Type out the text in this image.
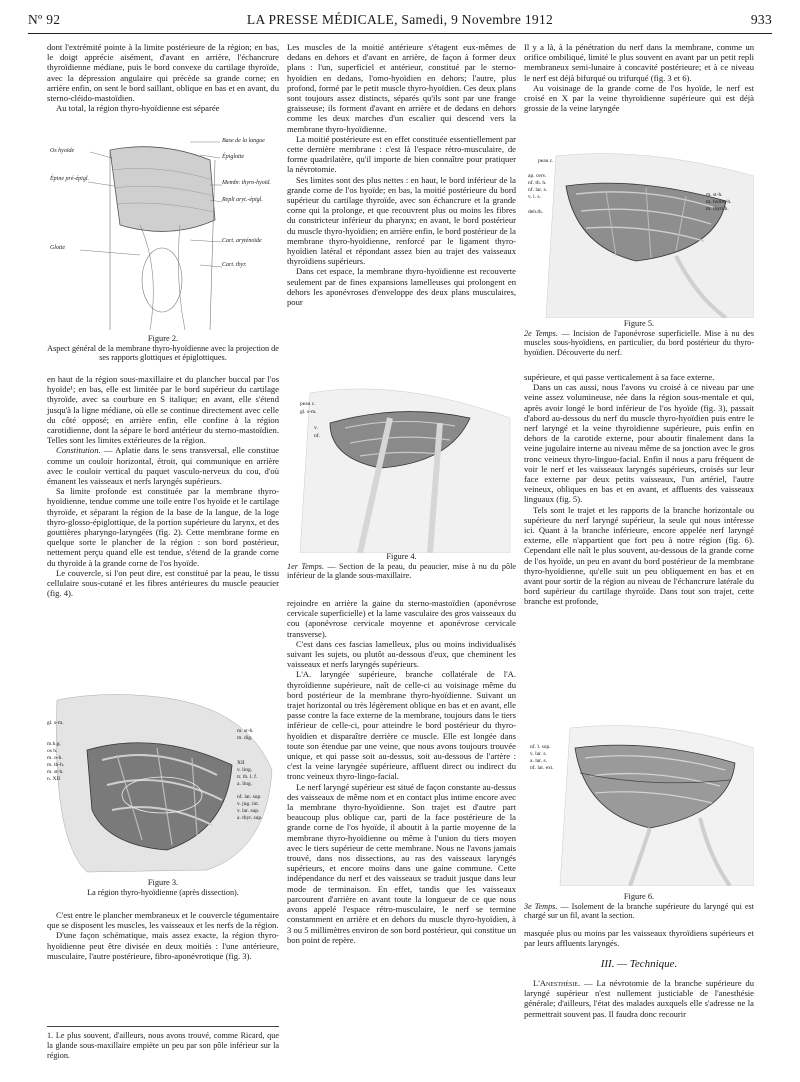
Nº 92	LA PRESSE MÉDICALE, Samedi, 9 Novembre 1912	933

dont l'extrémité pointe à la limite postérieure de la région; en bas, le doigt apprécie aisément, d'avant en arrière, l'échancrure thyroïdienne médiane, puis le bord convexe du cartilage thyroïde, avec la dépression angulaire qui précède sa grande corne; en arrière enfin, on sent le bord saillant, oblique en bas et en avant, du sterno-cléido-mastoïdien.

Au total, la région thyro-hyoïdienne est séparée

Os hyoïde
Épine pré-épigl.
Glotte
Base de la langue
Épiglotte
Membr. thyro-hyoïd.
Repli aryt.-épigl.
Cart. aryténoïde
Cart. thyr.
Figure 2.
Aspect général de la membrane thyro-hyoïdienne avec la projection de ses rapports glottiques et épiglottiques.

en haut de la région sous-maxillaire et du plancher buccal par l'os hyoïde¹; en bas, elle est limitée par le bord supérieur du cartilage thyroïde, avec sa courbure en S italique; en avant, elle s'étend jusqu'à la ligne médiane, où elle se continue directement avec celle du côté opposé; en arrière enfin, elle confine à la région carotidienne, dont la sépare le bord antérieur du sterno-mastoïdien. Telles sont les limites extérieures de la région.

Constitution. — Aplatie dans le sens transversal, elle constitue comme un couloir horizontal, étroit, qui communique en arrière avec le couloir vertical du paquet vasculo-nerveux du cou, d'où émanent les vaisseaux et nerfs laryngés supérieurs.

Sa limite profonde est constituée par la membrane thyro-hyoïdienne, tendue comme une toile entre l'os hyoïde et le cartilage thyroïde, et séparant la région de la base de la langue, de la loge thyro-glosso-épiglottique, de la portion supérieure du larynx, et des gouttières pharyngo-laryngées (fig. 2). Cette membrane forme en quelque sorte le plancher de la région : son bord postérieur, nettement perçu quand elle est tendue, s'étend de la grande corne du thyroïde à la grande corne de l'os hyoïde.

Le couvercle, si l'on peut dire, est constitué par la peau, le tissu cellulaire sous-cutané et les fibres antérieures du muscle peaucier (fig. 4).

gl. s-m.
m.h.g.
os h.
m. o-h.
m. th-h.
m. st-h.
n. XII
m. st-h.
m. dig.
XII
v. ling.
tr. th. l. f.
a. ling.
nf. lar. sup.
v. jug. int.
v. lar. sup.
a. thyr. sup.
Figure 3.
La région thyro-hyoïdienne (après dissection).

C'est entre le plancher membraneux et le couvercle tégumentaire que se disposent les muscles, les vaisseaux et les nerfs de la région.

D'une façon schématique, mais assez exacte, la région thyro-hyoïdienne peut être divisée en deux moitiés : l'une antérieure, musculaire, l'autre postérieure, fibro-aponévrotique (fig. 3).

1. Le plus souvent, d'ailleurs, nous avons trouvé, comme Ricard, que la glande sous-maxillaire empiète un peu par son pôle inférieur sur la région.

Les muscles de la moitié antérieure s'étagent eux-mêmes de dedans en dehors et d'avant en arrière, de façon à former deux plans : l'un, superficiel et antérieur, constitué par le sterno-hyoïdien en dedans, l'omo-hyoïdien en dehors; l'autre, plus profond, formé par le petit muscle thyro-hyoïdien. Ces deux plans sont toujours assez distincts, séparés qu'ils sont par une frange graisseuse; ils forment d'avant en arrière et de dedans en dehors comme les deux marches d'un escalier qui descend vers la membrane thyro-hyoïdienne.

La moitié postérieure est en effet constituée essentiellement par cette dernière membrane : c'est là l'espace rétro-musculaire, de forme quadrilatère, qu'il importe de bien connaître pour pratiquer la névrotomie.

Ses limites sont des plus nettes : en haut, le bord inférieur de la grande corne de l'os hyoïde; en bas, la moitié postérieure du bord supérieur du cartilage thyroïde, avec son échancrure et la grande corne qui la prolonge, et que recouvrent plus ou moins les fibres du constricteur inférieur du pharynx; en avant, le bord postérieur du muscle thyro-hyoïdien; en arrière enfin, le bord postérieur de la membrane thyro-hyoïdienne, renforcé par le ligament thyro-hyoïdien latéral et répondant assez bien au trajet des vaisseaux thyroïdiens supérieurs.

Dans cet espace, la membrane thyro-hyoïdienne est recouverte seulement par de fines expansions lamelleuses qui prolongent en dehors les aponévroses d'enveloppe des deux plans musculaires, pour

peau c.
gl. s-m.
v.
nf.
Figure 4.
1er Temps. — Section de la peau, du peaucier, mise à nu du pôle inférieur de la glande sous-maxillaire.

rejoindre en arrière la gaine du sterno-mastoïdien (aponévrose cervicale superficielle) et la lame vasculaire des gros vaisseaux du cou (aponévrose cervicale moyenne et aponévrose cervicale transverse).

C'est dans ces fascias lamelleux, plus ou moins individualisés suivant les sujets, ou plutôt au-dessous d'eux, que cheminent les vaisseaux et nerfs laryngés supérieurs.

L'A. laryngée supérieure, branche collatérale de l'A. thyroïdienne supérieure, naît de celle-ci au voisinage même du bord postérieur de la membrane thyro-hyoïdienne. Suivant un trajet horizontal ou très légèrement oblique en bas et en avant, elle passe contre la face externe de la membrane, toujours dans le tiers inférieur de celle-ci, pour atteindre le bord postérieur du thyro-hyoïdien et disparaître derrière ce muscle. Elle est longée dans toute son étendue par une veine, que nous avons toujours trouvée unique, et qui passe soit au-dessus, soit au-dessous de l'artère : c'est la veine laryngée supérieure, affluent direct ou indirect du tronc veineux thyro-lingo-facial.

Le nerf laryngé supérieur est situé de façon constante au-dessus des vaisseaux de même nom et en contact plus intime encore avec la membrane thyro-hyoïdienne. Son trajet est d'autre part beaucoup plus oblique car, parti de la face postérieure de la grande corne de l'os hyoïde, il aboutit à la partie moyenne de la membrane thyro-hyoïdienne ou même à l'union du tiers moyen avec le tiers supérieur de cette membrane. Nous ne l'avons jamais trouvé, dans nos dissections, au ras des vaisseaux laryngés supérieurs, et encore moins dans une gaine commune. Cette indépendance du nerf et des vaisseaux se traduit jusque dans leur mode de terminaison. En effet, tandis que les vaisseaux parcourent d'arrière en avant toute la longueur de ce que nous avons appelé l'espace rétro-musculaire, le nerf se termine constamment en arrière et en dehors du muscle thyro-hyoïdien, à 3 ou 5 millimètres environ de son bord postérieur, qui constitue un bon point de repère.

Il y a là, à la pénétration du nerf dans la membrane, comme un orifice ombiliqué, limité le plus souvent en avant par un petit repli membraneux semi-lunaire à concavité postérieure; et à ce niveau le nerf est déjà bifurqué ou trifurqué (fig. 3 et 6).

Au voisinage de la grande corne de l'os hyoïde, le nerf est croisé en X par la veine thyroïdienne supérieure qui est déjà grossie de la veine laryngée

peau c.
ap. cerv.
nf. th. h.
nf. lar. s.
v. l. s.
deh.th.
m. st-h.
m. homo-h.
m. thyroh.
Figure 5.
2e Temps. — Incision de l'aponévrose superficielle. Mise à nu des muscles sous-hyoïdiens, en particulier, du bord postérieur du thyro-hyoïdien. Découverte du nerf.

supérieure, et qui passe verticalement à sa face externe.

Dans un cas aussi, nous l'avons vu croisé à ce niveau par une veine assez volumineuse, née dans la région sous-mentale et qui, après avoir longé le bord inférieur de l'os hyoïde (fig. 3), passait d'abord au-dessous du nerf du muscle thyro-hyoïdien puis entre le nerf laryngé et la veine thyroïdienne supérieure, puis enfin en dehors de la carotide externe, pour aboutir finalement dans la veine jugulaire interne au niveau même de sa jonction avec le gros tronc veineux thyro-linguo-facial. Enfin il nous a paru fréquent de voir le nerf et les vaisseaux laryngés supérieurs, croisés sur leur face externe par deux petits vaisseaux, l'un artériel, l'autre veineux, obliques en bas et en avant, et affluents des vaisseaux linguaux (fig. 5).

Tels sont le trajet et les rapports de la branche horizontale ou supérieure du nerf laryngé supérieur, la seule qui nous intéresse ici. Quant à la branche inférieure, encore appelée nerf laryngé externe, elle n'appartient que fort peu à notre région (fig. 6). Cependant elle naît le plus souvent, au-dessous de la grande corne de l'os hyoïde, un peu en avant du bord postérieur de la membrane thyro-hyoïdienne, qu'elle suit un peu obliquement en bas et en avant pour sortir de la région au niveau de l'échancrure latérale du bord supérieur du cartilage thyroïde. Dans tout son trajet, cette branche est profonde,

nf. l. sup.
v. lar. s.
a. lar. s.
nf. lar. ext.
Figure 6.
3e Temps. — Isolement de la branche supérieure du laryngé qui est chargé sur un fil, avant la section.

masquée plus ou moins par les vaisseaux thyroïdiens supérieurs et par leurs affluents laryngés.

III. — Technique.

L'Anesthésie. — La névrotomie de la branche supérieure du laryngé supérieur n'est nullement justiciable de l'anesthésie générale; d'ailleurs, l'état des malades auxquels elle s'adresse ne la permettrait souvent pas. Il faudra donc recourir
